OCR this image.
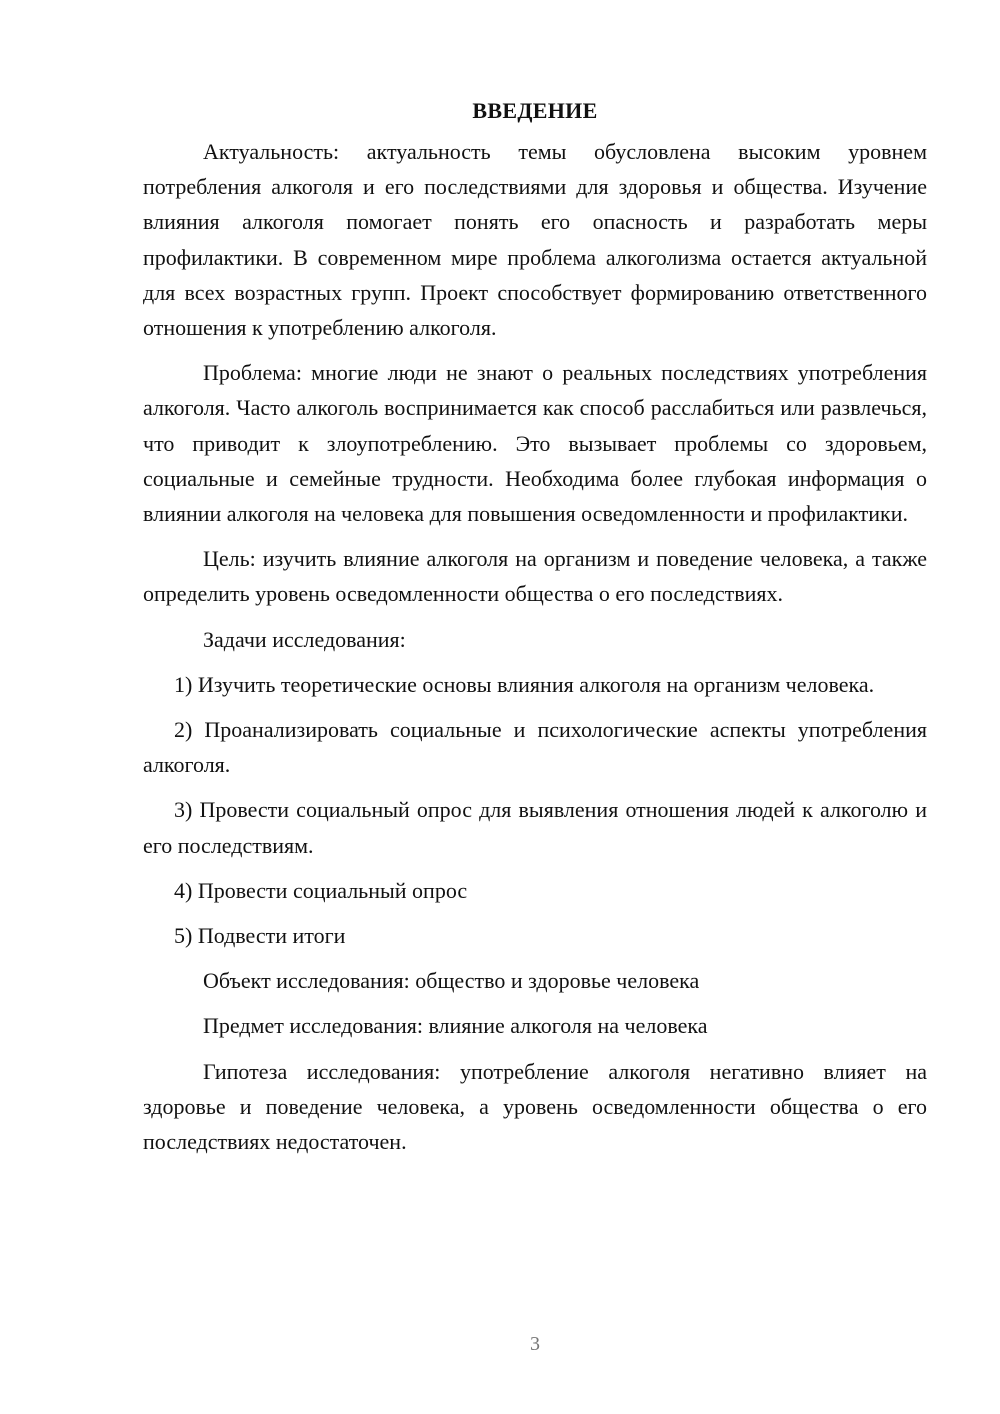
ВВЕДЕНИЕ

Актуальность: актуальность темы обусловлена высоким уровнем потребления алкоголя и его последствиями для здоровья и общества. Изучение влияния алкоголя помогает понять его опасность и разработать меры профилактики. В современном мире проблема алкоголизма остается актуальной для всех возрастных групп. Проект способствует формированию ответственного отношения к употреблению алкоголя.

Проблема: многие люди не знают о реальных последствиях употребления алкоголя. Часто алкоголь воспринимается как способ расслабиться или развлечься, что приводит к злоупотреблению. Это вызывает проблемы со здоровьем, социальные и семейные трудности. Необходима более глубокая информация о влиянии алкоголя на человека для повышения осведомленности и профилактики.

Цель: изучить влияние алкоголя на организм и поведение человека, а также определить уровень осведомленности общества о его последствиях.

Задачи исследования:

1) Изучить теоретические основы влияния алкоголя на организм человека.

2) Проанализировать социальные и психологические аспекты употребления алкоголя.

3) Провести социальный опрос для выявления отношения людей к алкоголю и его последствиям.

4) Провести социальный опрос

5) Подвести итоги

Объект исследования: общество и здоровье человека

Предмет исследования: влияние алкоголя на человека

Гипотеза исследования: употребление алкоголя негативно влияет на здоровье и поведение человека, а уровень осведомленности общества о его последствиях недостаточен.

3
